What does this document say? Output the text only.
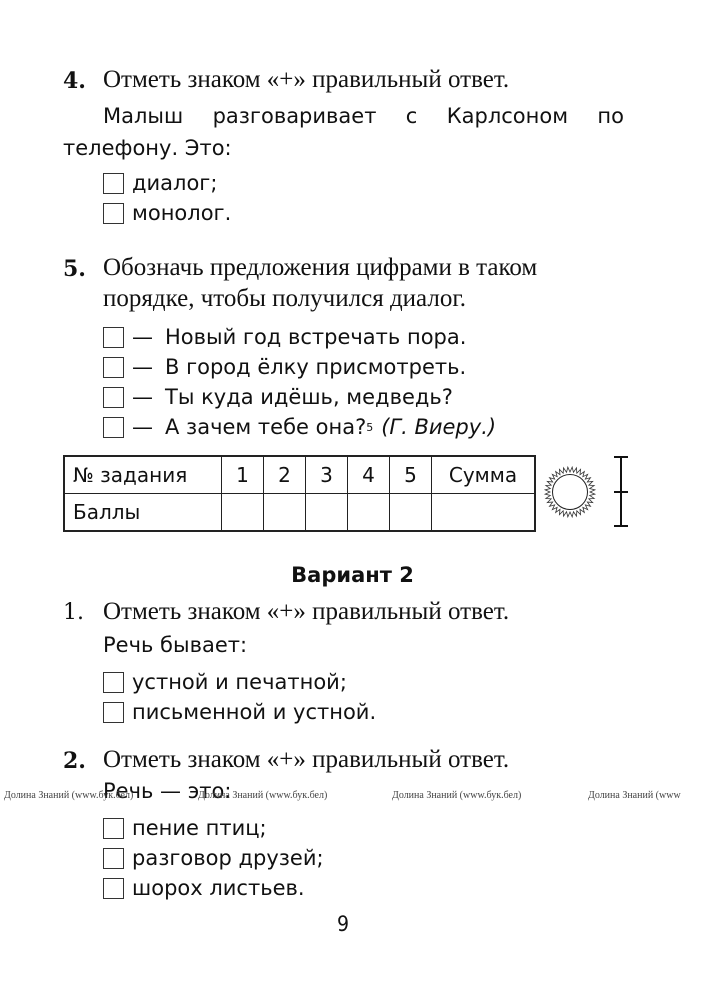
4. Отметь знаком «+» правильный ответ.
Малыш разговаривает с Карлсоном по
телефону. Это:
диалог;
монолог.
5. Обозначь предложения цифрами в таком
порядке, чтобы получился диалог.
— Новый год встречать пора.
— В город ёлку присмотреть.
— Ты куда идёшь, медведь?
— А зачем тебе она? 5 (Г. Виеру.)
№ задания	1	2	3	4	5	Сумма
Баллы						
Вариант 2
1. Отметь знаком «+» правильный ответ.
Речь бывает:
устной и печатной;
письменной и устной.
2. Отметь знаком «+» правильный ответ.
Речь — это:
Долина Знаний (www.бук.бел)	Долина Знаний (www.бук.бел)	Долина Знаний (www.бук.бел)	Долина Знаний (www
пение птиц;
разговор друзей;
шорох листьев.
9
